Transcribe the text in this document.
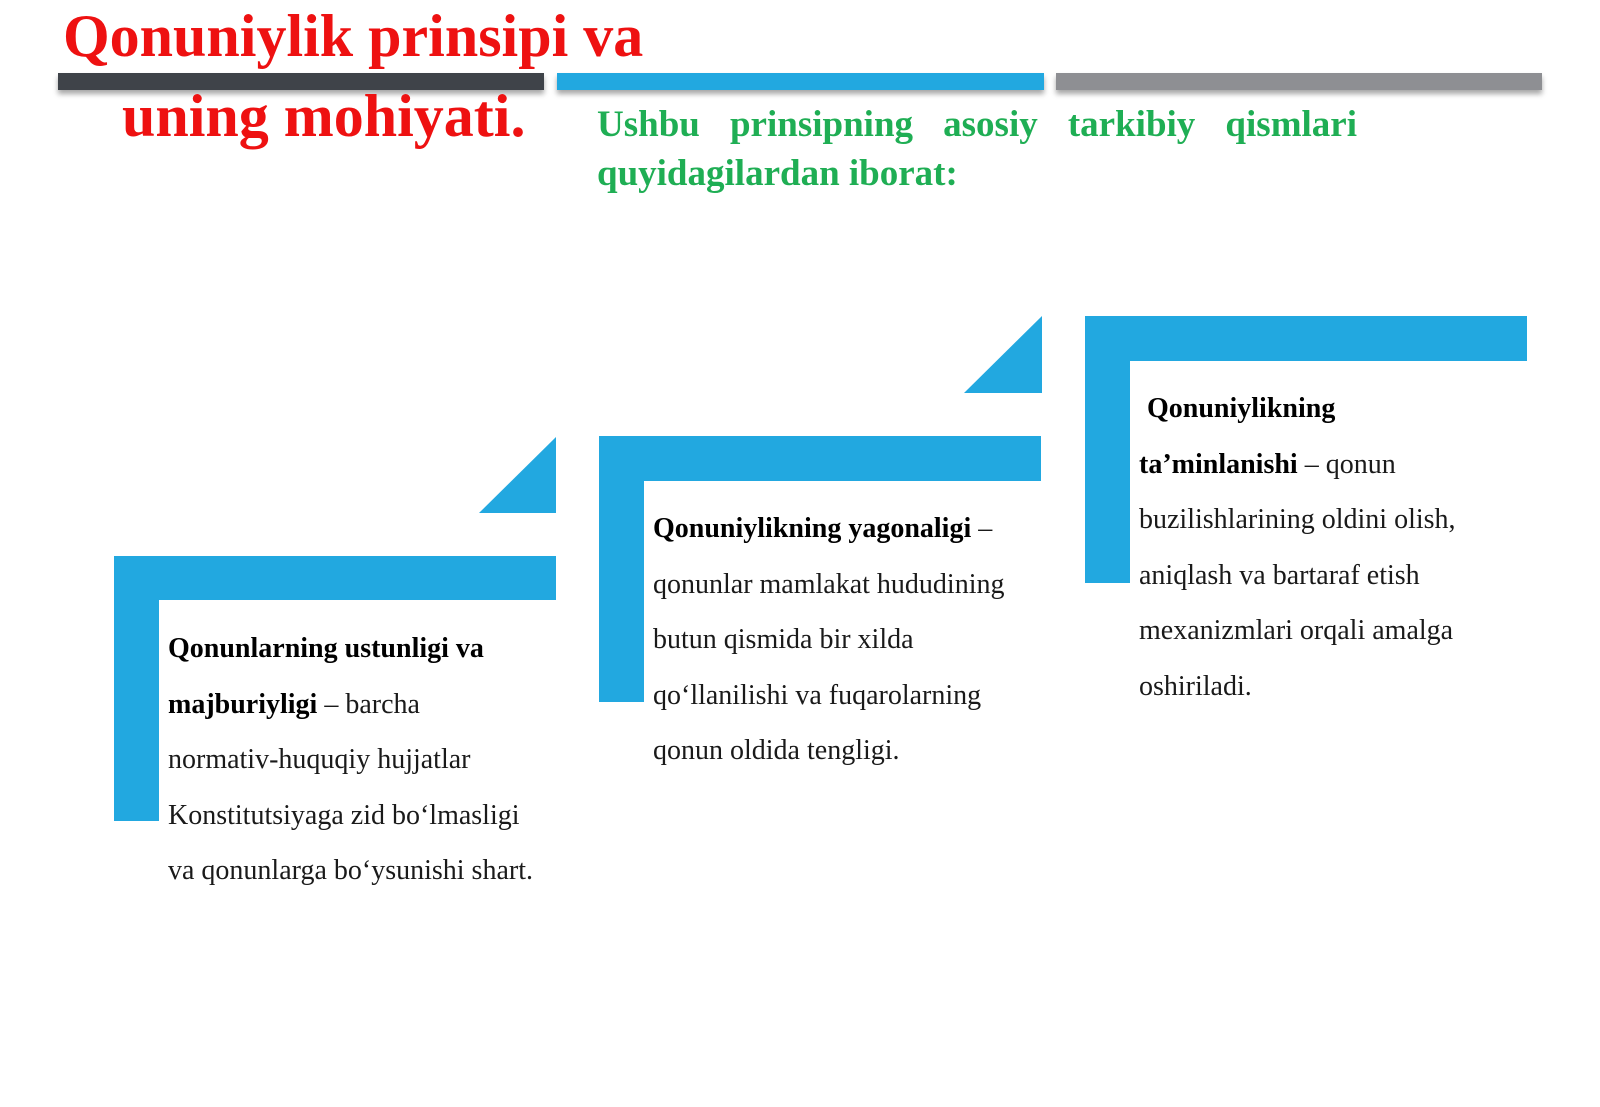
Qonuniylik prinsipi va
uning mohiyati. Ushbu prinsipning asosiy tarkibiy qismlari quyidagilardan iborat:

Qonunlarning ustunligi va majburiyligi – barcha normativ-huquqiy hujjatlar Konstitutsiyaga zid bo‘lmasligi va qonunlarga bo‘ysunishi shart.

Qonuniylikning yagonaligi – qonunlar mamlakat hududining butun qismida bir xilda qo‘llanilishi va fuqarolarning qonun oldida tengligi.

Qonuniylikning ta’minlanishi – qonun buzilishlarining oldini olish, aniqlash va bartaraf etish mexanizmlari orqali amalga oshiriladi.
